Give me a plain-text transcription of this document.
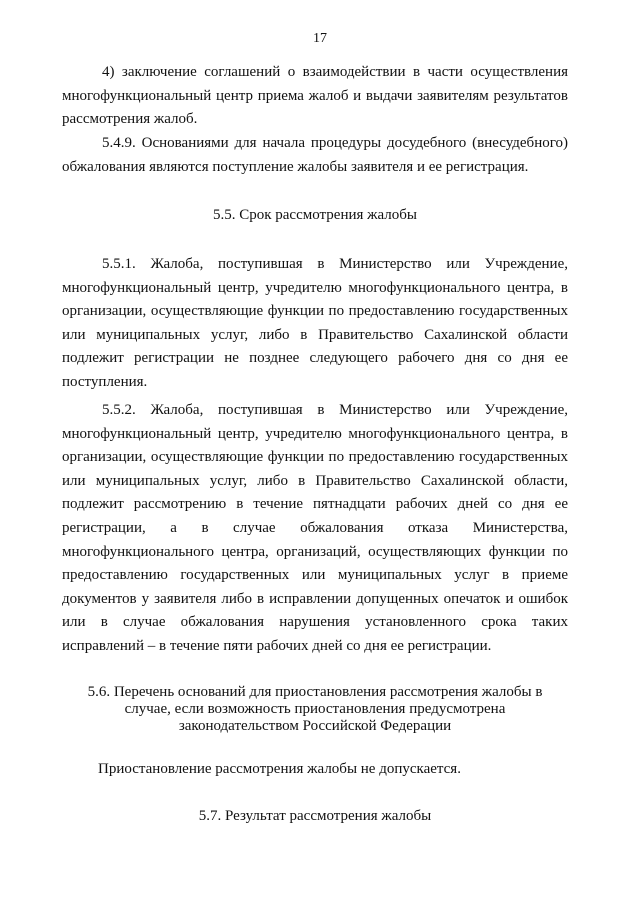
17

4) заключение соглашений о взаимодействии в части осуществления многофункциональный центр приема жалоб и выдачи заявителям результатов рассмотрения жалоб.

5.4.9. Основаниями для начала процедуры досудебного (внесудебного) обжалования являются поступление жалобы заявителя и ее регистрация.

5.5. Срок рассмотрения жалобы

5.5.1. Жалоба, поступившая в Министерство или Учреждение, многофункциональный центр, учредителю многофункционального центра, в организации, осуществляющие функции по предоставлению государственных или муниципальных услуг, либо в Правительство Сахалинской области подлежит регистрации не позднее следующего рабочего дня со дня ее поступления.

5.5.2. Жалоба, поступившая в Министерство или Учреждение, многофункциональный центр, учредителю многофункционального центра, в организации, осуществляющие функции по предоставлению государственных или муниципальных услуг, либо в Правительство Сахалинской области, подлежит рассмотрению в течение пятнадцати рабочих дней со дня ее регистрации, а в случае обжалования отказа Министерства, многофункционального центра, организаций, осуществляющих функции по предоставлению государственных или муниципальных услуг в приеме документов у заявителя либо в исправлении допущенных опечаток и ошибок или в случае обжалования нарушения установленного срока таких исправлений – в течение пяти рабочих дней со дня ее регистрации.

5.6. Перечень оснований для приостановления рассмотрения жалобы в
случае, если возможность приостановления предусмотрена
законодательством Российской Федерации

Приостановление рассмотрения жалобы не допускается.

5.7. Результат рассмотрения жалобы
